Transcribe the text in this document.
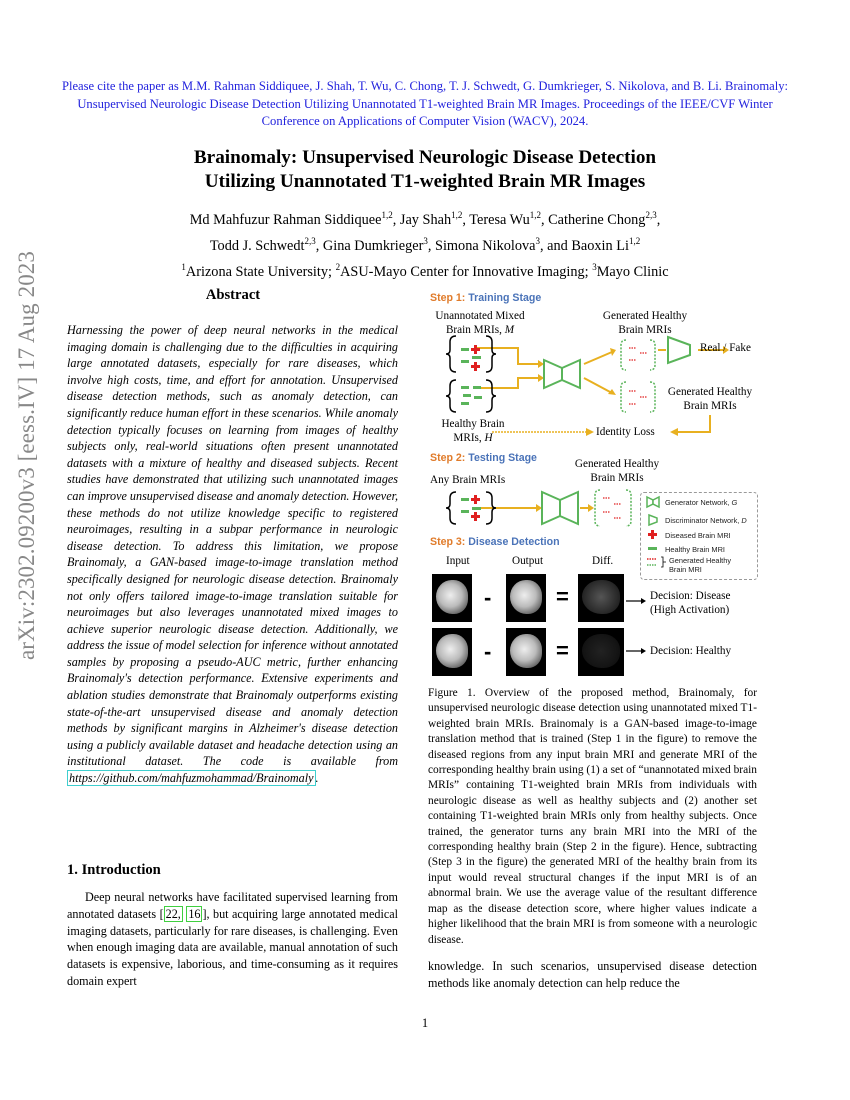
Please cite the paper as M.M. Rahman Siddiquee, J. Shah, T. Wu, C. Chong, T. J. Schwedt, G. Dumkrieger, S. Nikolova, and B. Li. Brainomaly: Unsupervised Neurologic Disease Detection Utilizing Unannotated T1-weighted Brain MR Images. Proceedings of the IEEE/CVF Winter Conference on Applications of Computer Vision (WACV), 2024.
Brainomaly: Unsupervised Neurologic Disease Detection
Utilizing Unannotated T1-weighted Brain MR Images
Md Mahfuzur Rahman Siddiquee$^{1,2}$, Jay Shah$^{1,2}$, Teresa Wu$^{1,2}$, Catherine Chong$^{2,3}$,
Todd J. Schwedt$^{2,3}$, Gina Dumkrieger$^3$, Simona Nikolova$^3$, and Baoxin Li$^{1,2}$
$^1$Arizona State University; $^2$ASU-Mayo Center for Innovative Imaging; $^3$Mayo Clinic
arXiv:2302.09200v3 [eess.IV] 17 Aug 2023	Abstract
Harnessing the power of deep neural networks in the medical imaging domain is challenging due to the difficulties in acquiring large annotated datasets, especially for rare diseases, which involve high costs, time, and effort for annotation. Unsupervised disease detection methods, such as anomaly detection, can significantly reduce human effort in these scenarios. While anomaly detection typically focuses on learning from images of healthy subjects only, real-world situations often present unannotated datasets with a mixture of healthy and diseased subjects. Recent studies have demonstrated that utilizing such unannotated images can improve unsupervised disease and anomaly detection. However, these methods do not utilize knowledge specific to registered neuroimages, resulting in a subpar performance in neurologic disease detection. To address this limitation, we propose Brainomaly, a GAN-based image-to-image translation method specifically designed for neurologic disease detection. Brainomaly not only offers tailored image-to-image translation suitable for neuroimages but also leverages unannotated mixed images to achieve superior neurologic disease detection. Additionally, we address the issue of model selection for inference without annotated samples by proposing a pseudo-AUC metric, further enhancing Brainomaly's detection performance. Extensive experiments and ablation studies demonstrate that Brainomaly outperforms existing state-of-the-art unsupervised disease and anomaly detection methods by significant margins in Alzheimer's disease detection using a publicly available dataset and headache detection using an institutional dataset. The code is available from https://github.com/mahfuzmohammad/Brainomaly .
1. Introduction
Deep neural networks have facilitated supervised learning from annotated datasets [ 22, 16 ], but acquiring large annotated medical imaging datasets, particularly for rare diseases, is challenging. Even when enough imaging data are available, manual annotation of such datasets is expensive, laborious, and time-consuming as it requires domain expert
Step 1: Training Stage
Unannotated Mixed
Brain MRIs, M
Generated Healthy
Brain MRIs
Real / Fake
Generated Healthy
Brain MRIs
Healthy Brain
MRIs, H	Identity Loss
Step 2: Testing Stage
Any Brain MRIs
Generated Healthy
Brain MRIs
Generator Network, G
Discriminator Network, D
Diseased Brain MRI
Healthy Brain MRI
Generated Healthy
Brain MRI
Step 3: Disease Detection
Input	Output	Diff.
-	=	Decision: Disease
(High Activation)
-	=	Decision: Healthy
Figure 1. Overview of the proposed method, Brainomaly, for unsupervised neurologic disease detection using unannotated mixed T1-weighted brain MRIs. Brainomaly is a GAN-based image-to-image translation method that is trained (Step 1 in the figure) to remove the diseased regions from any input brain MRI and generate MRI of the corresponding healthy brain using (1) a set of “unannotated mixed brain MRIs” containing T1-weighted brain MRIs from individuals with neurologic disease as well as healthy subjects and (2) another set containing T1-weighted brain MRIs only from healthy subjects. Once trained, the generator turns any brain MRI into the MRI of the corresponding healthy brain (Step 2 in the figure). Hence, subtracting (Step 3 in the figure) the generated MRI of the healthy brain from its input would reveal structural changes if the input MRI is of an abnormal brain. We use the average value of the resultant difference map as the disease detection score, where higher values indicate a higher likelihood that the brain MRI is from someone with a neurologic disease.
knowledge. In such scenarios, unsupervised disease detection methods like anomaly detection can help reduce the
1
